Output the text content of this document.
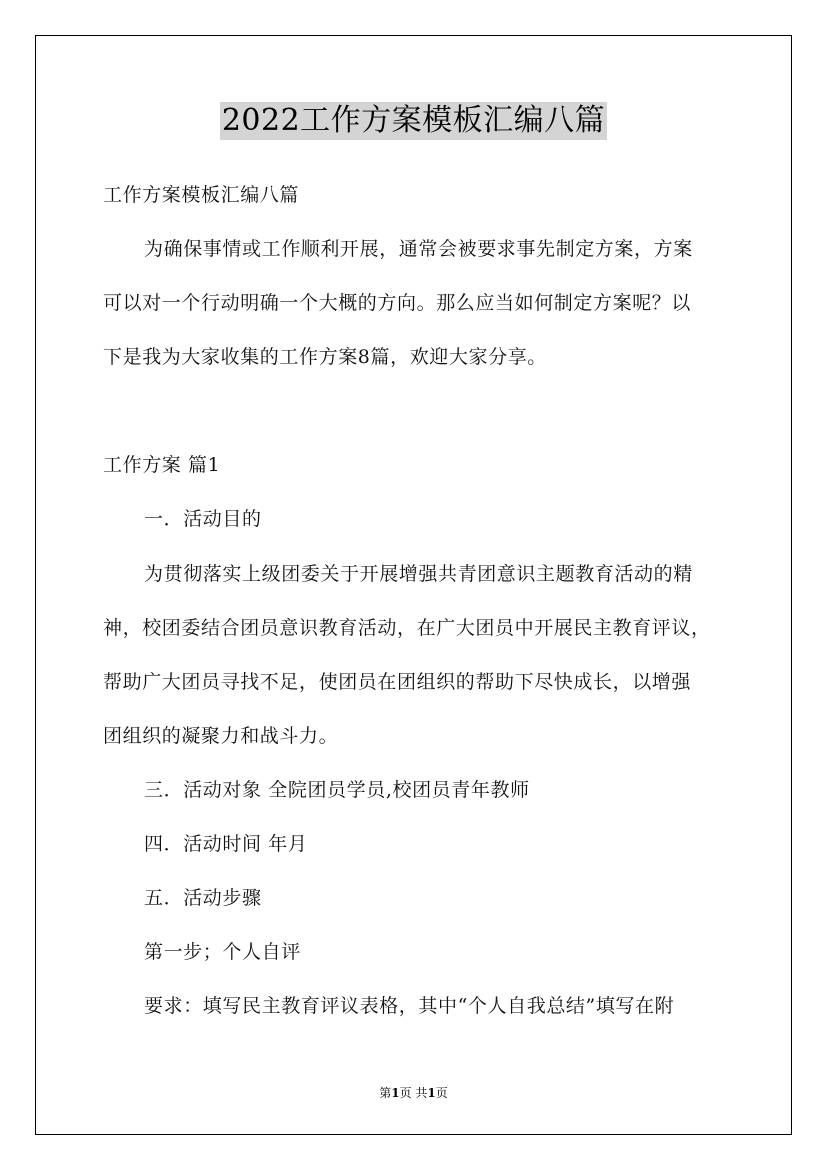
2022工作方案模板汇编八篇
工作方案模板汇编八篇
为确保事情或工作顺利开展，通常会被要求事先制定方案，方案
可以对一个行动明确一个大概的方向。那么应当如何制定方案呢？以
下是我为大家收集的工作方案8篇，欢迎大家分享。
工作方案 篇1
一．活动目的
为贯彻落实上级团委关于开展增强共青团意识主题教育活动的精
神，校团委结合团员意识教育活动，在广大团员中开展民主教育评议，
帮助广大团员寻找不足，使团员在团组织的帮助下尽快成长，以增强
团组织的凝聚力和战斗力。
三．活动对象 全院团员学员,校团员青年教师
四．活动时间 年月
五．活动步骤
第一步；个人自评
要求：填写民主教育评议表格，其中“个人自我总结”填写在附
第1页 共1页
